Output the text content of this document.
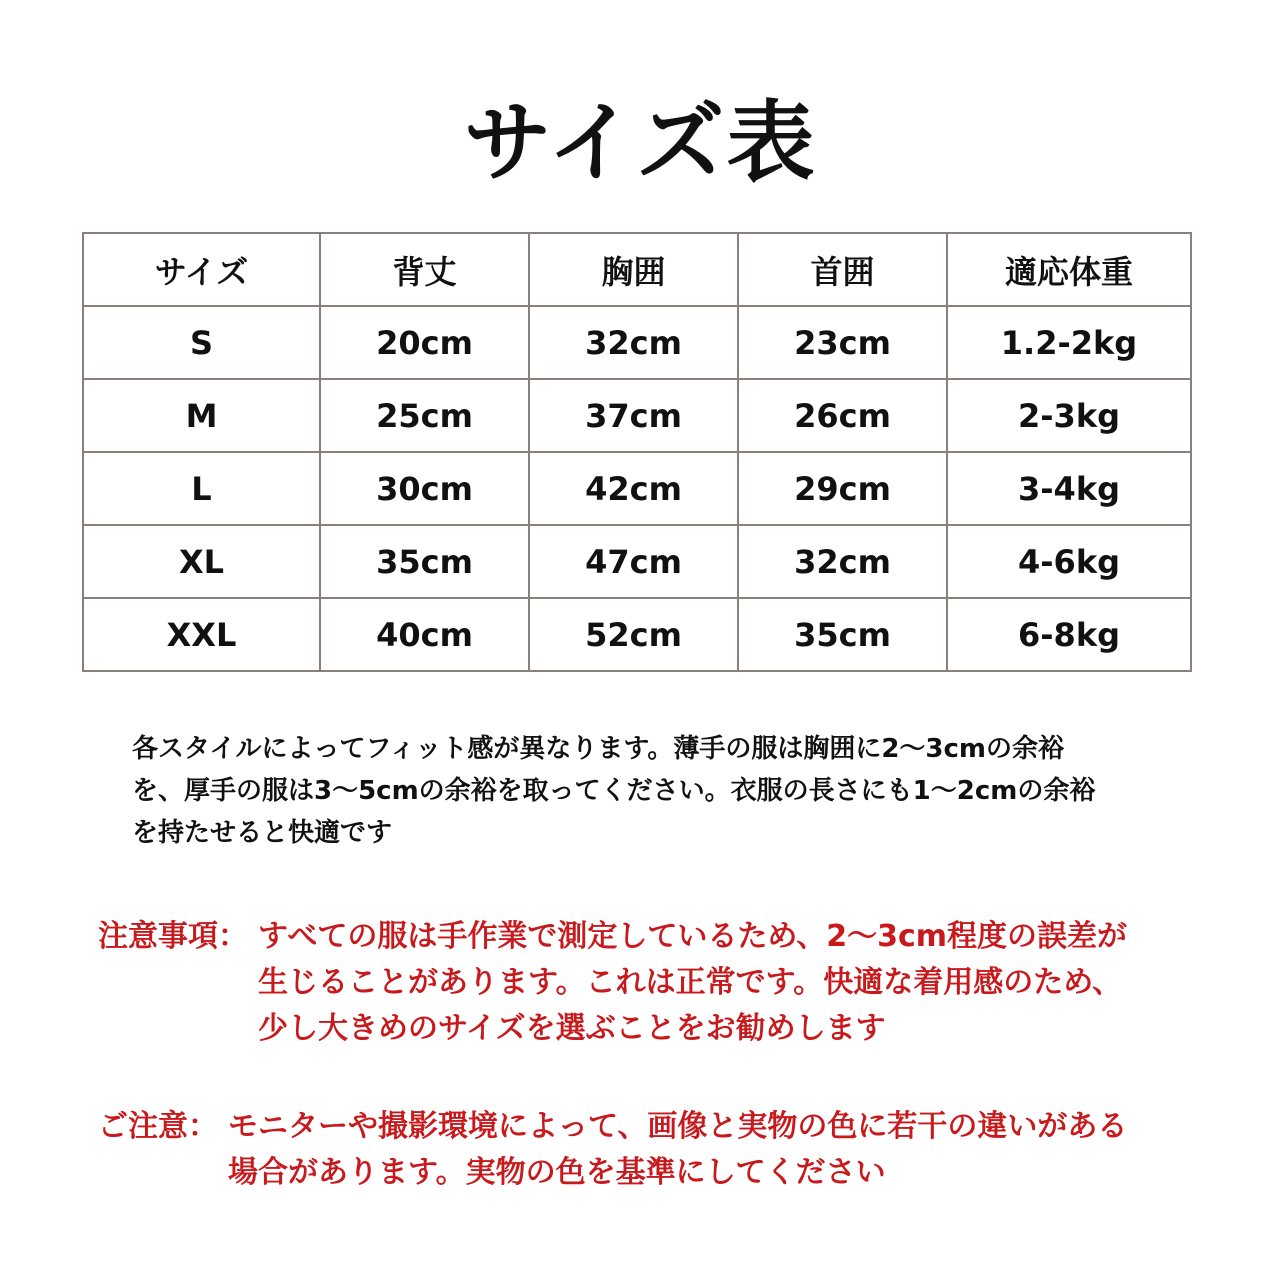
サイズ表
サイズ	背丈	胸囲	首囲	適応体重
S	20cm	32cm	23cm	1.2-2kg
M	25cm	37cm	26cm	2-3kg
L	30cm	42cm	29cm	3-4kg
XL	35cm	47cm	32cm	4-6kg
XXL	40cm	52cm	35cm	6-8kg
各スタイルによってフィット感が異なります。薄手の服は胸囲に2～3cmの余裕
を、厚手の服は3～5cmの余裕を取ってください。衣服の長さにも1～2cmの余裕
を持たせると快適です
注意事項： すべての服は手作業で測定しているため、2～3cm程度の誤差が
生じることがあります。これは正常です。快適な着用感のため、
少し大きめのサイズを選ぶことをお勧めします
ご注意： モニターや撮影環境によって、画像と実物の色に若干の違いがある
場合があります。実物の色を基準にしてください
